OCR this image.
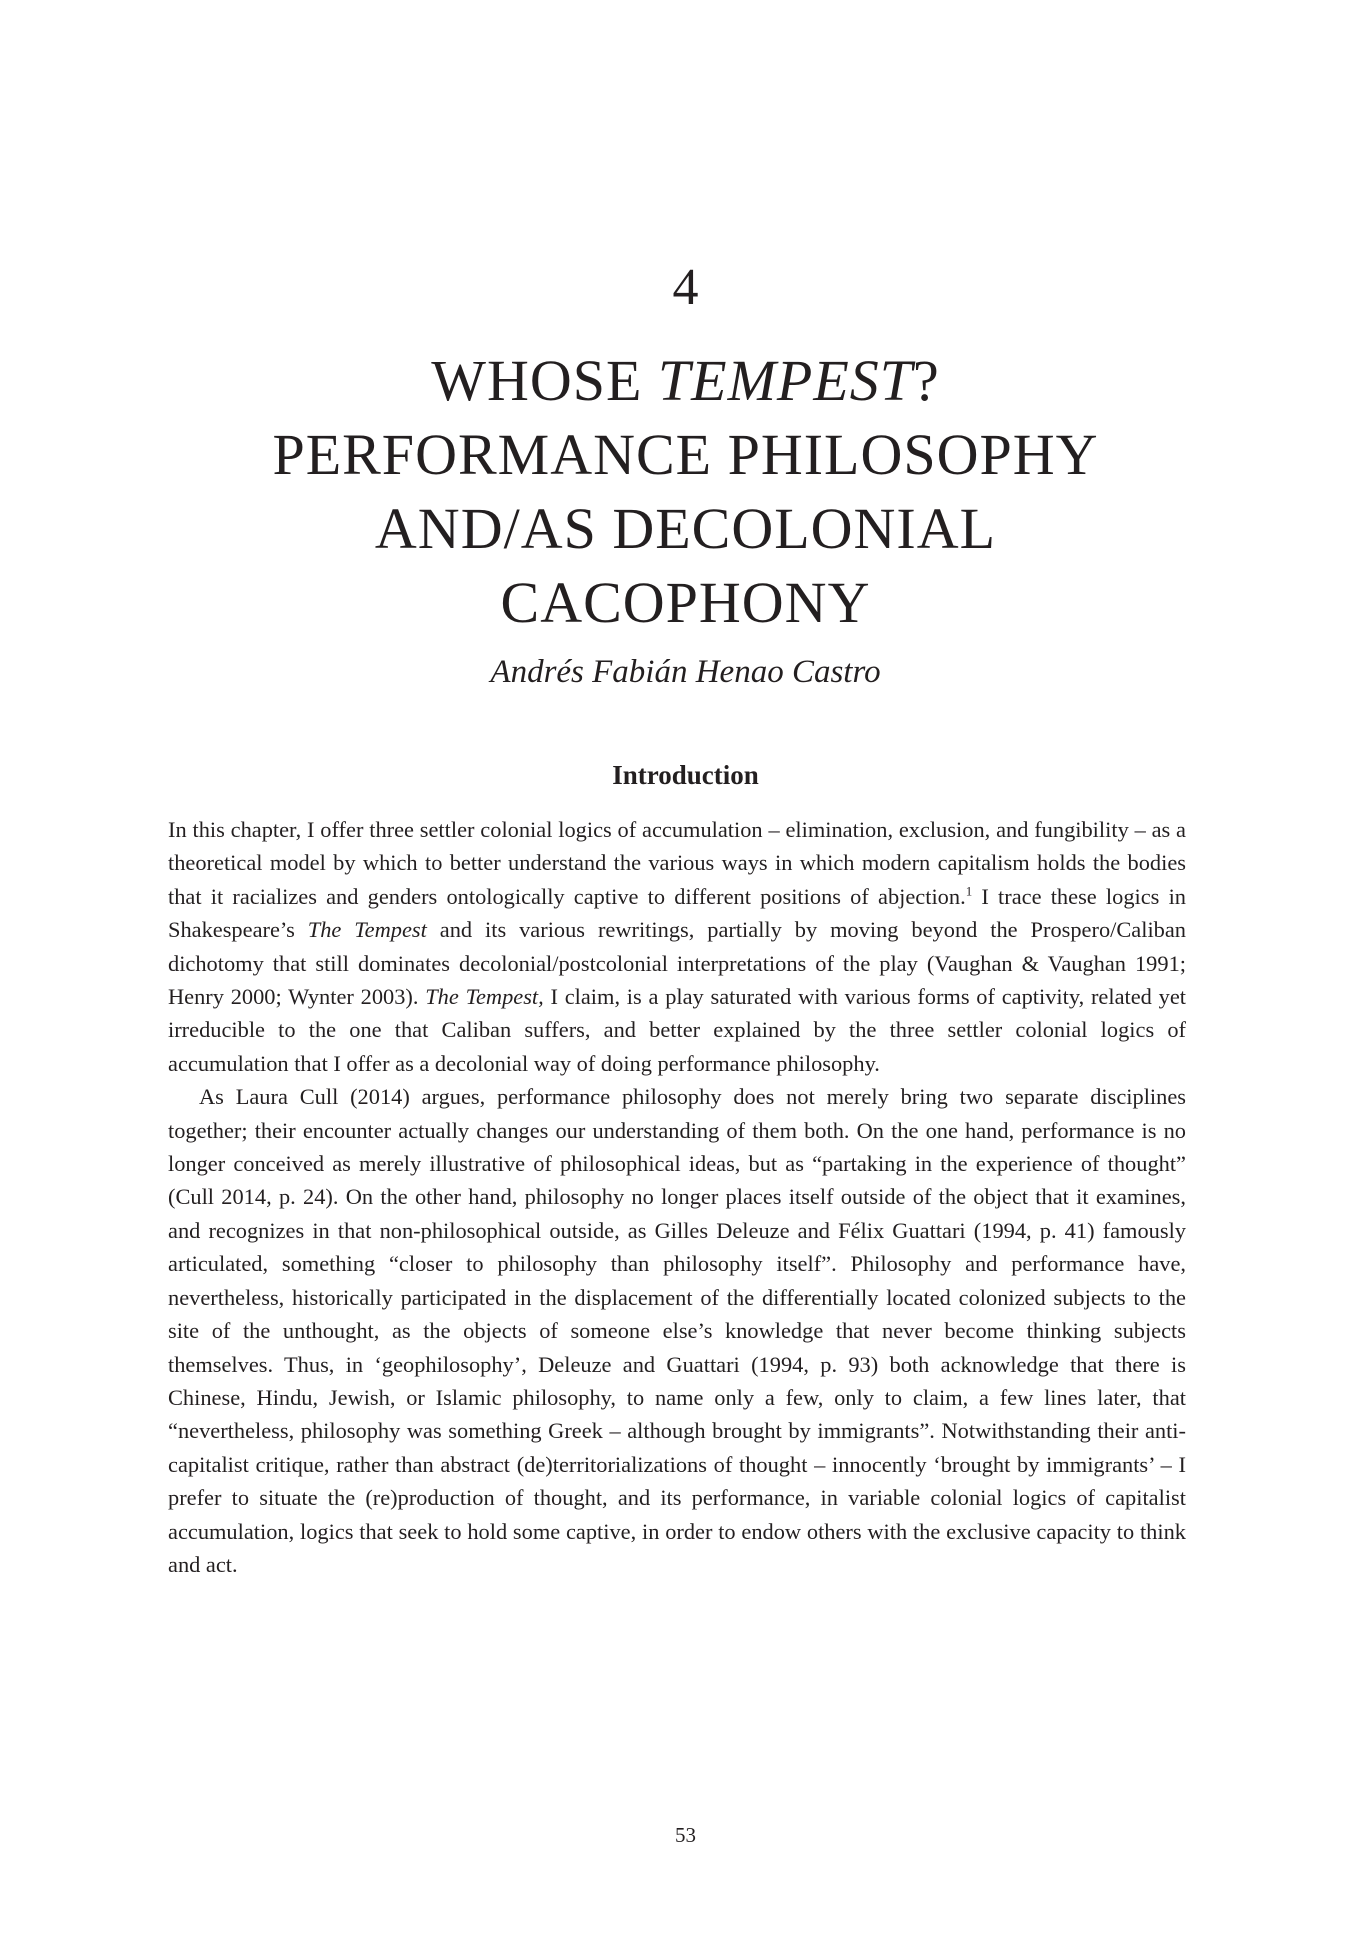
4
WHOSE TEMPEST?
PERFORMANCE PHILOSOPHY
AND/AS DECOLONIAL
CACOPHONY
Andrés Fabián Henao Castro
Introduction

In this chapter, I offer three settler colonial logics of accumulation – elimination, exclusion, and fungibility – as a theoretical model by which to better understand the various ways in which modern capitalism holds the bodies that it racializes and genders ontologically captive to different positions of abjection.$^1$ I trace these logics in Shakespeare’s The Tempest and its various rewritings, partially by moving beyond the Prospero/Caliban dichotomy that still dominates decolonial/postcolonial interpretations of the play (Vaughan & Vaughan 1991; Henry 2000; Wynter 2003). The Tempest, I claim, is a play saturated with various forms of captivity, related yet irreducible to the one that Caliban suffers, and better explained by the three settler colonial logics of accumulation that I offer as a decolonial way of doing performance philosophy.

As Laura Cull (2014) argues, performance philosophy does not merely bring two separate disciplines together; their encounter actually changes our understanding of them both. On the one hand, performance is no longer conceived as merely illustrative of philosophical ideas, but as “partaking in the experience of thought” (Cull 2014, p. 24). On the other hand, philosophy no longer places itself outside of the object that it examines, and recognizes in that non-philosophical outside, as Gilles Deleuze and Félix Guattari (1994, p. 41) famously articulated, something “closer to philosophy than philosophy itself”. Philosophy and performance have, nevertheless, historically participated in the displacement of the differentially located colonized subjects to the site of the unthought, as the objects of someone else’s knowledge that never become thinking subjects themselves. Thus, in ‘geophilosophy’, Deleuze and Guattari (1994, p. 93) both acknowledge that there is Chinese, Hindu, Jewish, or Islamic philosophy, to name only a few, only to claim, a few lines later, that “nevertheless, philosophy was something Greek – although brought by immigrants”. Notwithstanding their anti-capitalist critique, rather than abstract (de)territorializations of thought – innocently ‘brought by immigrants’ – I prefer to situate the (re)production of thought, and its performance, in variable colonial logics of capitalist accumulation, logics that seek to hold some captive, in order to endow others with the exclusive capacity to think and act.

53
